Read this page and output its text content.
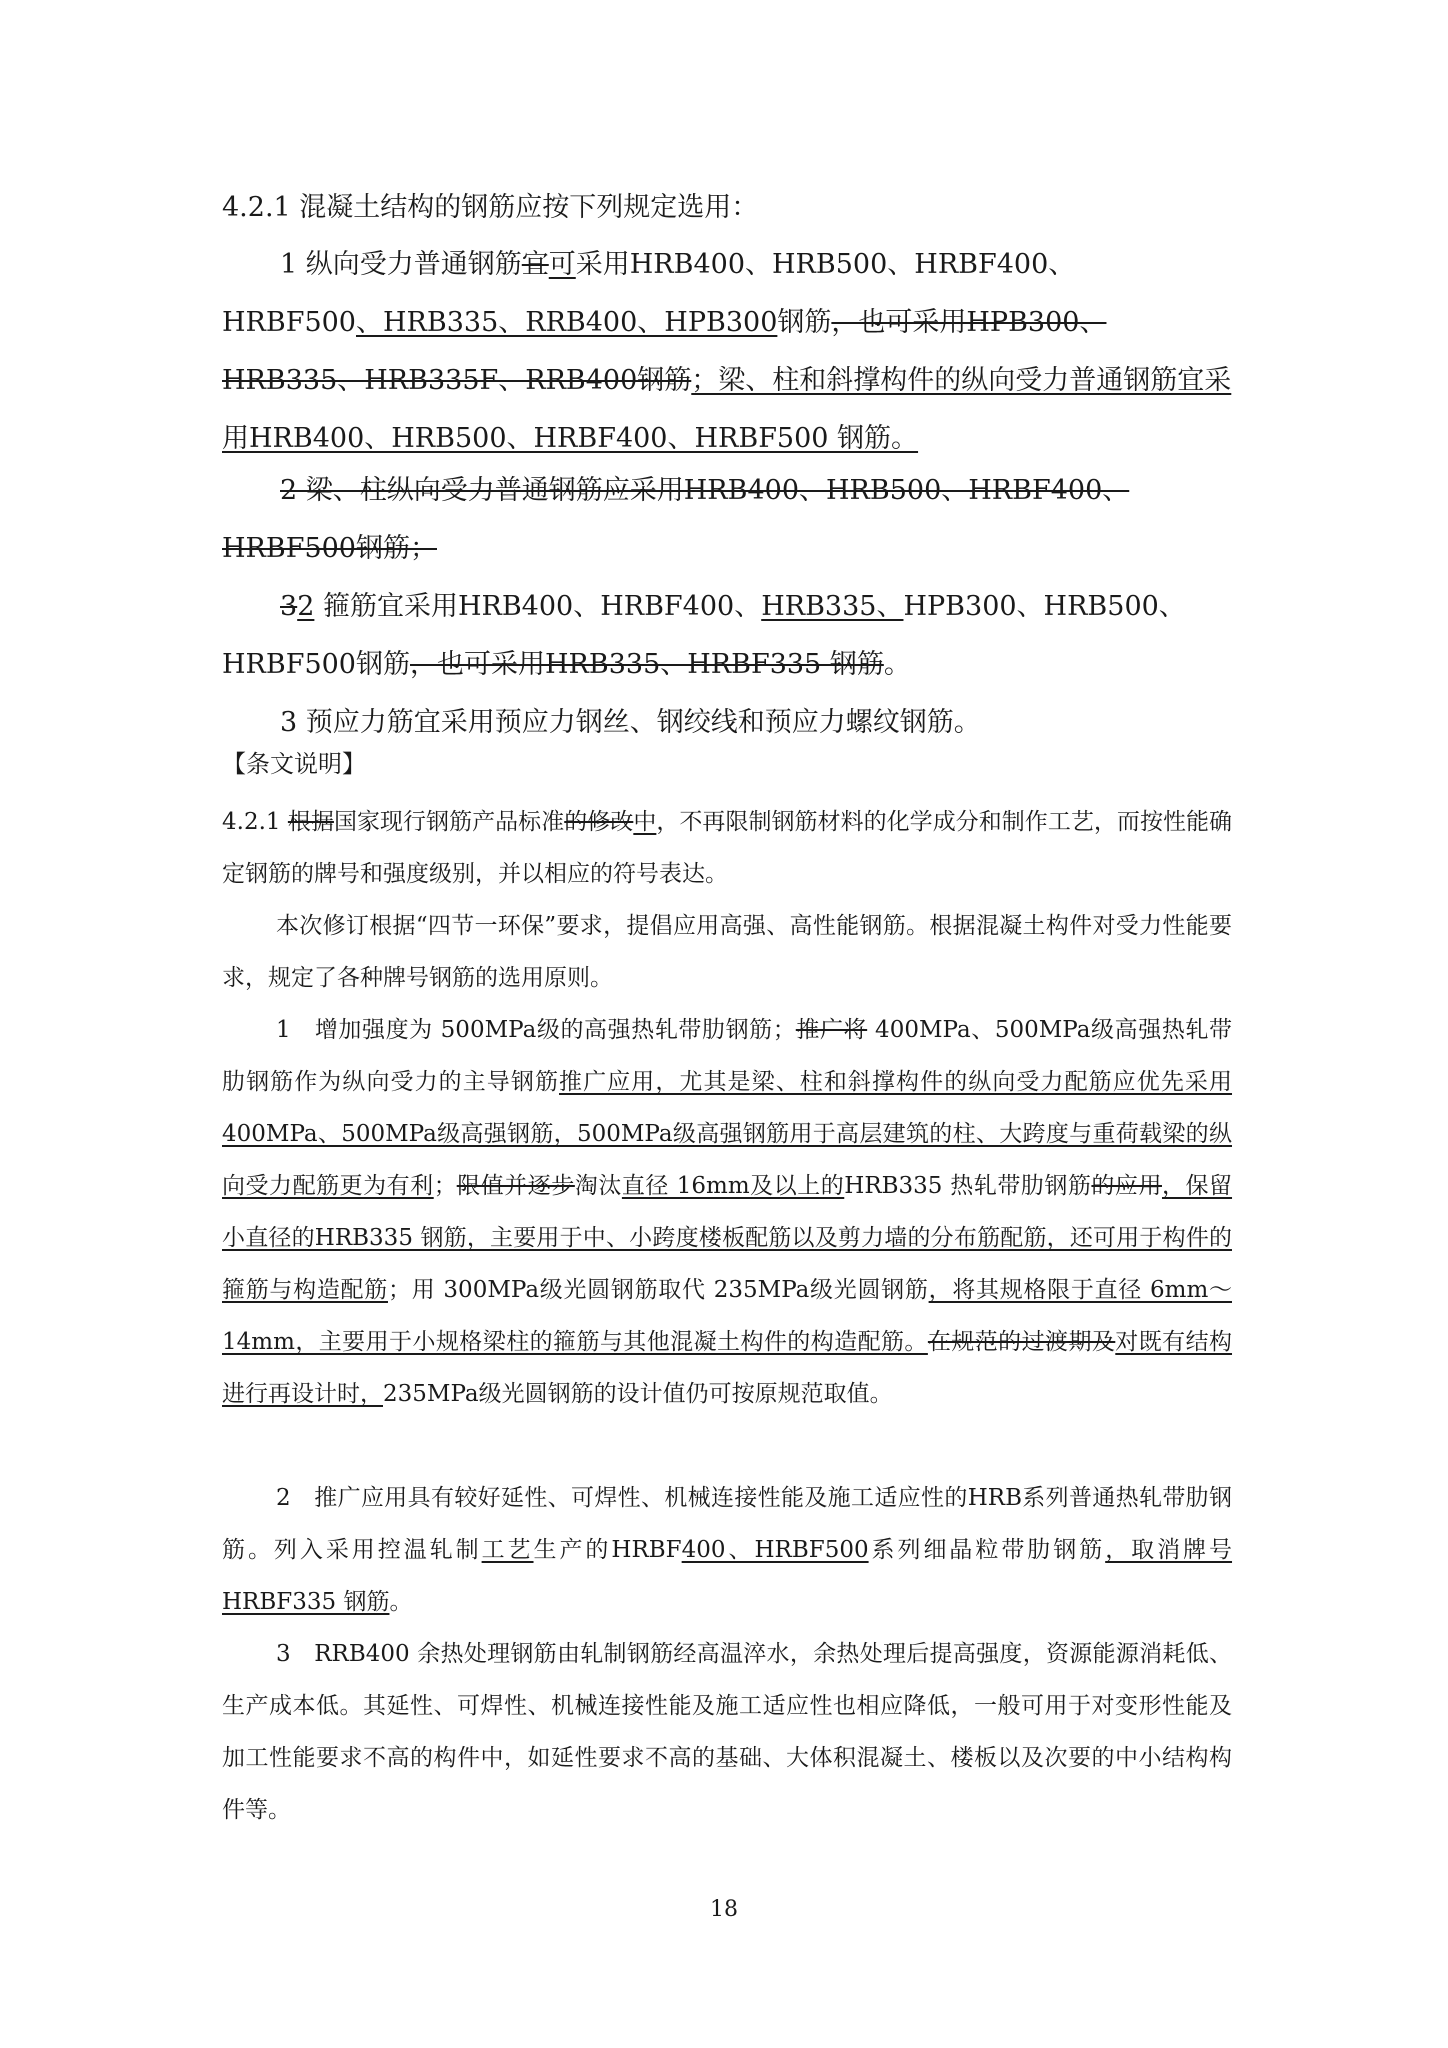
4.2.1 混凝土结构的钢筋应按下列规定选用：
1 纵向受力普通钢筋宜可采用HRB400、HRB500、HRBF400、HRBF500、HRB335、RRB400、HPB300钢筋，也可采用HPB300、HRB335、HRB335F、RRB400钢筋；梁、柱和斜撑构件的纵向受力普通钢筋宜采用HRB400、HRB500、HRBF400、HRBF500 钢筋。
2 梁、柱纵向受力普通钢筋应采用HRB400、HRB500、HRBF400、HRBF500钢筋；
32 箍筋宜采用HRB400、HRBF400、HRB335、HPB300、HRB500、HRBF500钢筋，也可采用HRB335、HRBF335 钢筋。
3 预应力筋宜采用预应力钢丝、钢绞线和预应力螺纹钢筋。
【条文说明】
4.2.1 根据国家现行钢筋产品标准的修改中，不再限制钢筋材料的化学成分和制作工艺，而按性能确定钢筋的牌号和强度级别，并以相应的符号表达。
本次修订根据“四节一环保”要求，提倡应用高强、高性能钢筋。根据混凝土构件对受力性能要求，规定了各种牌号钢筋的选用原则。
1　增加强度为 500MPa级的高强热轧带肋钢筋；推广将 400MPa、500MPa级高强热轧带肋钢筋作为纵向受力的主导钢筋推广应用，尤其是梁、柱和斜撑构件的纵向受力配筋应优先采用 400MPa、500MPa级高强钢筋，500MPa级高强钢筋用于高层建筑的柱、大跨度与重荷载梁的纵向受力配筋更为有利；限值并逐步淘汰直径 16mm及以上的HRB335 热轧带肋钢筋的应用，保留小直径的HRB335 钢筋，主要用于中、小跨度楼板配筋以及剪力墙的分布筋配筋，还可用于构件的箍筋与构造配筋；用 300MPa级光圆钢筋取代 235MPa级光圆钢筋，将其规格限于直径 6mm～14mm，主要用于小规格梁柱的箍筋与其他混凝土构件的构造配筋。在规范的过渡期及对既有结构进行再设计时，235MPa级光圆钢筋的设计值仍可按原规范取值。
2　推广应用具有较好延性、可焊性、机械连接性能及施工适应性的HRB系列普通热轧带肋钢筋。列入采用控温轧制工艺生产的HRBF400、HRBF500系列细晶粒带肋钢筋，取消牌号HRBF335 钢筋。
3　RRB400 余热处理钢筋由轧制钢筋经高温淬水，余热处理后提高强度，资源能源消耗低、生产成本低。其延性、可焊性、机械连接性能及施工适应性也相应降低，一般可用于对变形性能及加工性能要求不高的构件中，如延性要求不高的基础、大体积混凝土、楼板以及次要的中小结构构件等。
18
